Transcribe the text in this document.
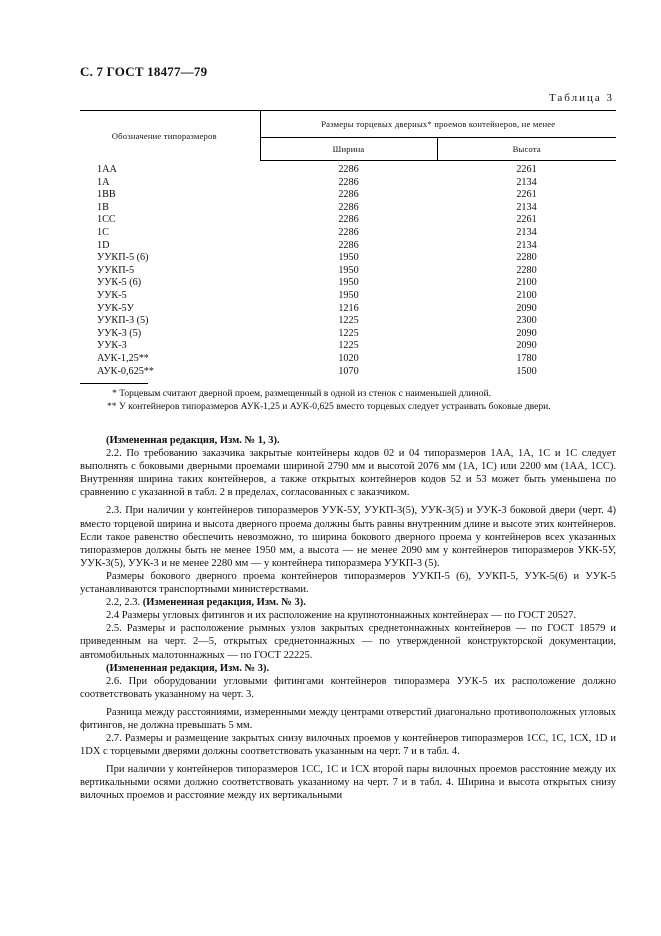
С. 7 ГОСТ 18477—79
Таблица 3
Обозначение типоразмеров	Размеры торцевых дверных* проемов контейнеров, не менее	
	Ширина	Высота
1АА	2286	2261
1А	2286	2134
1ВВ	2286	2261
1В	2286	2134
1СС	2286	2261
1С	2286	2134
1D	2286	2134
УУКП-5 (6)	1950	2280
УУКП-5	1950	2280
УУК-5 (6)	1950	2100
УУК-5	1950	2100
УУК-5У	1216	2090
УУКП-3 (5)	1225	2300
УУК-3 (5)	1225	2090
УУК-3	1225	2090
АУК-1,25**	1020	1780
АУК-0,625**	1070	1500
* Торцевым считают дверной проем, размещенный в одной из стенок с наименьшей длиной.
** У контейнеров типоразмеров АУК-1,25 и АУК-0,625 вместо торцевых следует устраивать боковые двери.

(Измененная редакция, Изм. № 1, 3).

2.2. По требованию заказчика закрытые контейнеры кодов 02 и 04 типоразмеров 1АА, 1А, 1С и 1С следует выполнять с боковыми дверными проемами шириной 2790 мм и высотой 2076 мм (1А, 1С) или 2200 мм (1АА, 1СС). Внутренняя ширина таких контейнеров, а также открытых контейнеров кодов 52 и 53 может быть уменьшена по сравнению с указанной в табл. 2 в пределах, согласованных с заказчиком.

2.3. При наличии у контейнеров типоразмеров УУК-5У, УУКП-3(5), УУК-3(5) и УУК-3 боковой двери (черт. 4) вместо торцевой ширина и высота дверного проема должны быть равны внутренним длине и высоте этих контейнеров. Если такое равенство обеспечить невозможно, то ширина бокового дверного проема у контейнеров всех указанных типоразмеров должны быть не менее 1950 мм, а высота — не менее 2090 мм у контейнеров типоразмеров УКК-5У, УУК-3(5), УУК-3 и не менее 2280 мм — у контейнера типоразмера УУКП-3 (5).

Размеры бокового дверного проема контейнеров типоразмеров УУКП-5 (6), УУКП-5, УУК-5(6) и УУК-5 устанавливаются транспортными министерствами.

2.2, 2.3. (Измененная редакция, Изм. № 3).

2.4 Размеры угловых фитингов и их расположение на крупнотоннажных контейнерах — по ГОСТ 20527.

2.5. Размеры и расположение рымных узлов закрытых среднетоннажных контейнеров — по ГОСТ 18579 и приведенным на черт. 2—5, открытых среднетоннажных — по утвержденной конструкторской документации, автомобильных малотоннажных — по ГОСТ 22225.

(Измененная редакция, Изм. № 3).

2.6. При оборудовании угловыми фитингами контейнеров типоразмера УУК-5 их расположение должно соответствовать указанному на черт. 3.

Разница между расстояниями, измеренными между центрами отверстий диагонально противоположных угловых фитингов, не должна превышать 5 мм.

2.7. Размеры и размещение закрытых снизу вилочных проемов у контейнеров типоразмеров 1СС, 1С, 1СХ, 1D и 1DХ с торцевыми дверями должны соответствовать указанным на черт. 7 и в табл. 4.

При наличии у контейнеров типоразмеров 1СС, 1С и 1СХ второй пары вилочных проемов расстояние между их вертикальными осями должно соответствовать указанному на черт. 7 и в табл. 4. Ширина и высота открытых снизу вилочных проемов и расстояние между их вертикальными
